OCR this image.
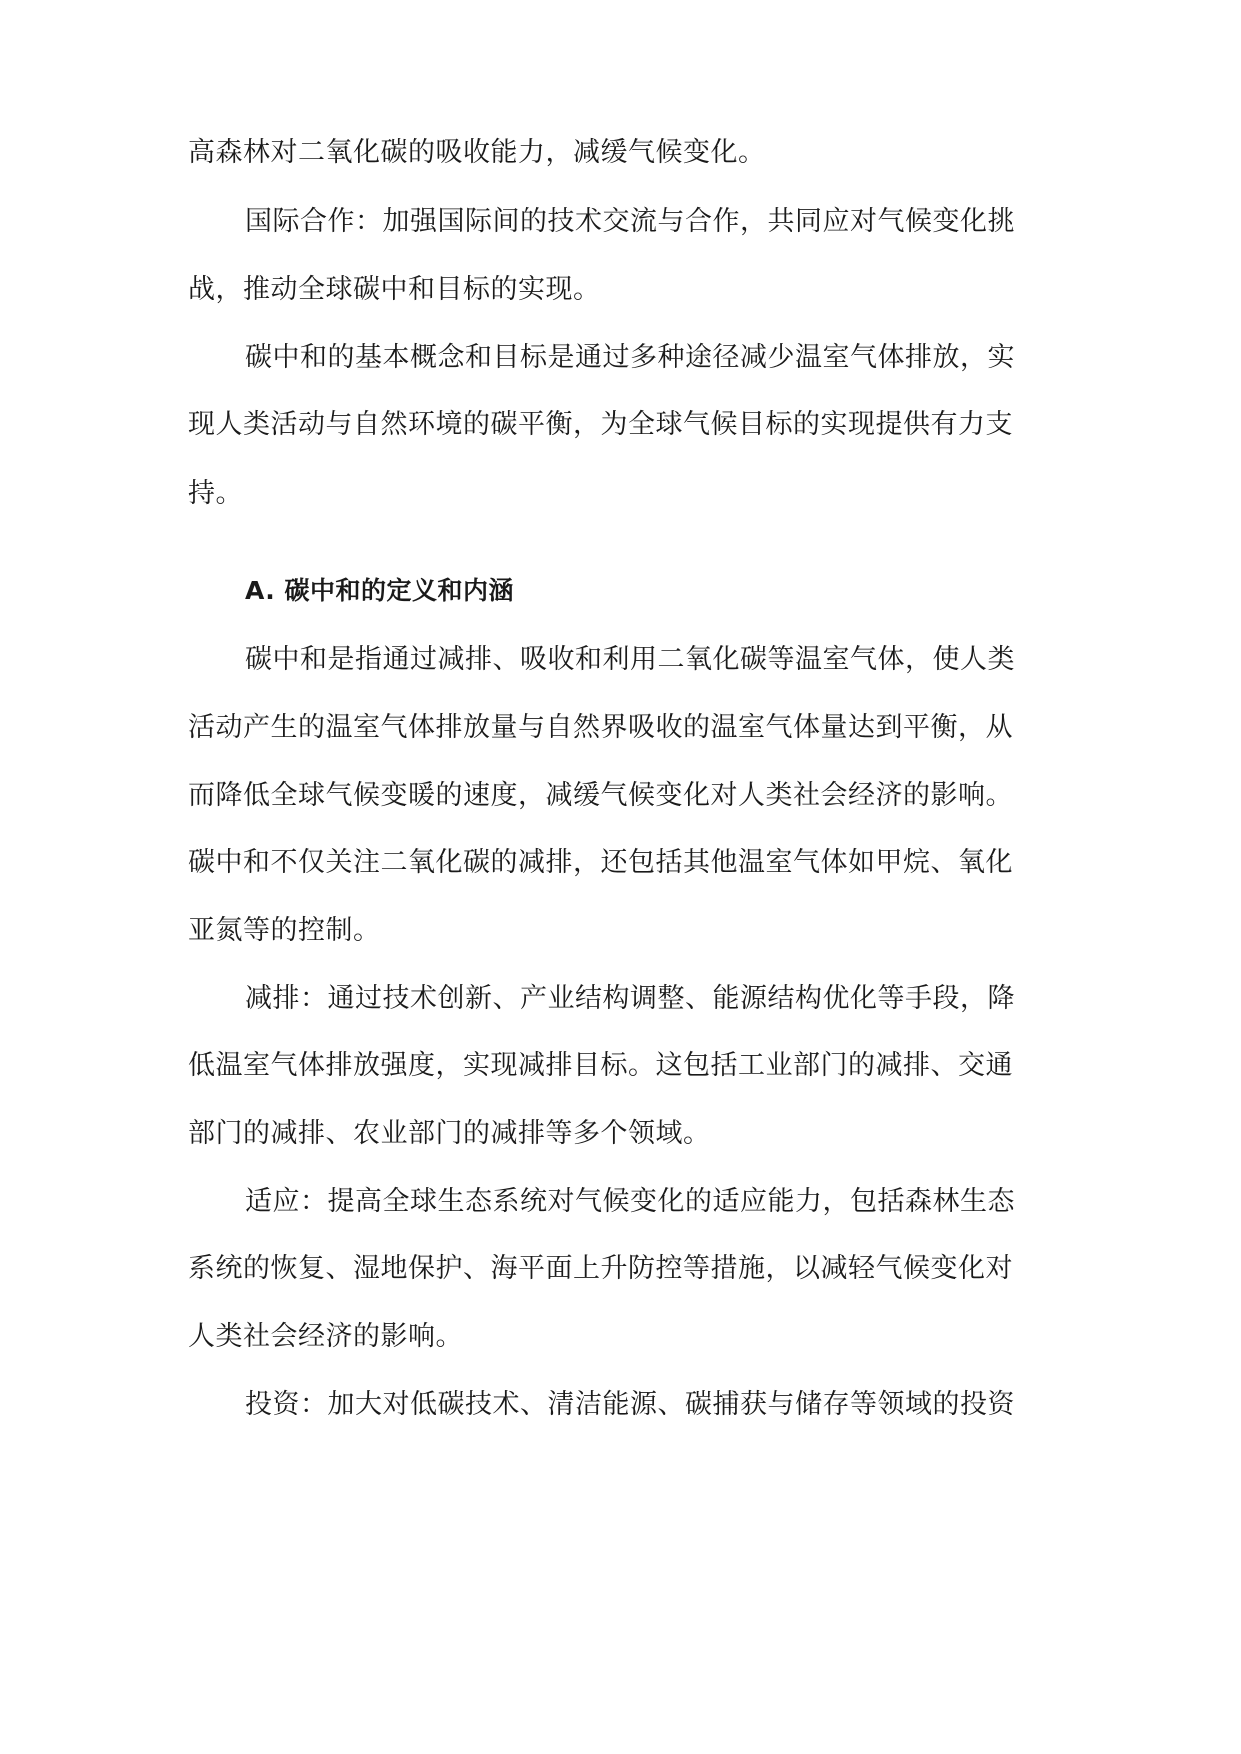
高森林对二氧化碳的吸收能力，减缓气候变化。
国际合作：加强国际间的技术交流与合作，共同应对气候变化挑
战，推动全球碳中和目标的实现。
碳中和的基本概念和目标是通过多种途径减少温室气体排放，实
现人类活动与自然环境的碳平衡，为全球气候目标的实现提供有力支
持。
A. 碳中和的定义和内涵
碳中和是指通过减排、吸收和利用二氧化碳等温室气体，使人类
活动产生的温室气体排放量与自然界吸收的温室气体量达到平衡，从
而降低全球气候变暖的速度，减缓气候变化对人类社会经济的影响。
碳中和不仅关注二氧化碳的减排，还包括其他温室气体如甲烷、氧化
亚氮等的控制。
减排：通过技术创新、产业结构调整、能源结构优化等手段，降
低温室气体排放强度，实现减排目标。这包括工业部门的减排、交通
部门的减排、农业部门的减排等多个领域。
适应：提高全球生态系统对气候变化的适应能力，包括森林生态
系统的恢复、湿地保护、海平面上升防控等措施，以减轻气候变化对
人类社会经济的影响。
投资：加大对低碳技术、清洁能源、碳捕获与储存等领域的投资
